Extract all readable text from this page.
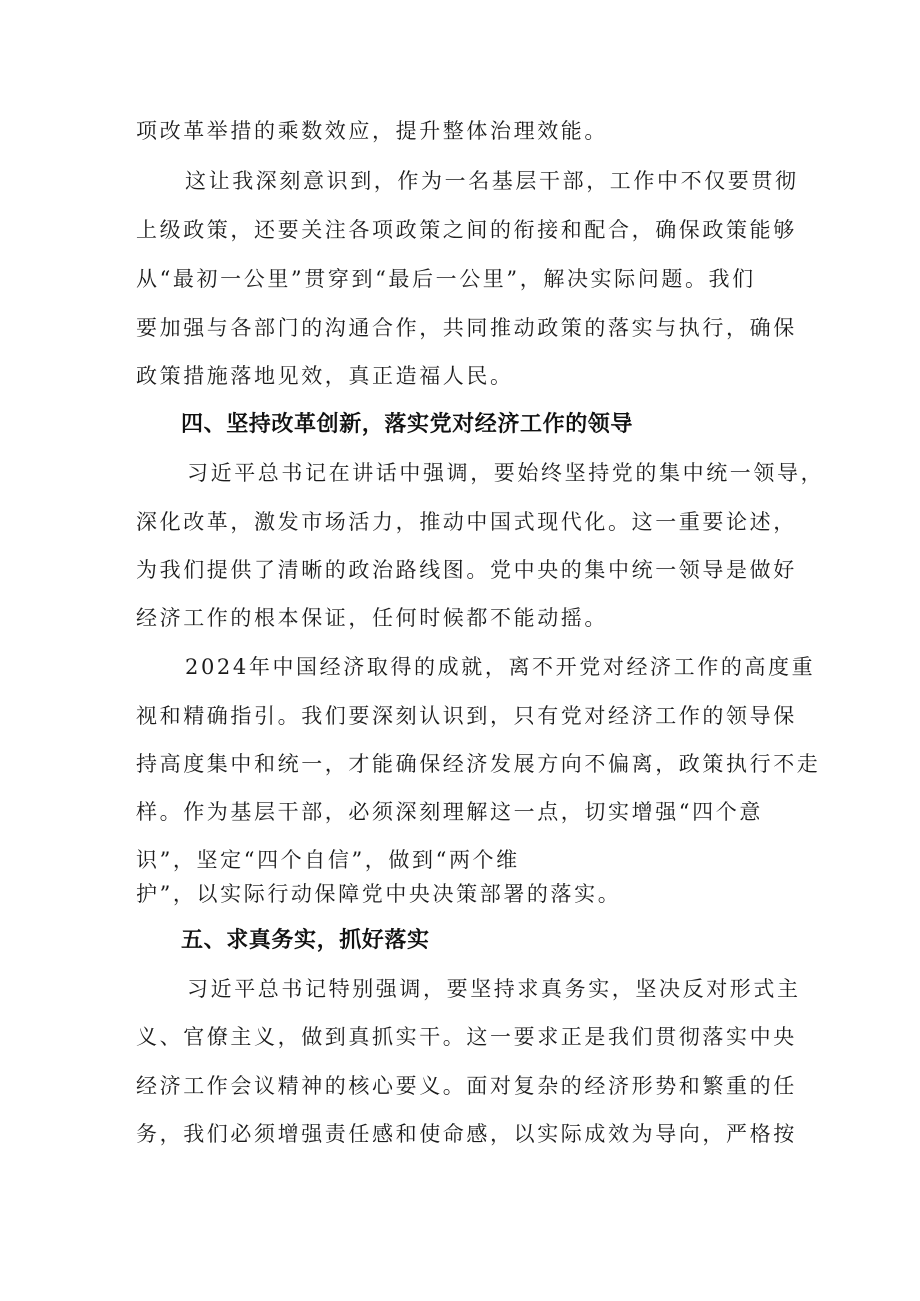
项改革举措的乘数效应，提升整体治理效能。
这让我深刻意识到，作为一名基层干部，工作中不仅要贯彻
上级政策，还要关注各项政策之间的衔接和配合，确保政策能够
从“最初一公里”贯穿到“最后一公里”，解决实际问题。我们
要加强与各部门的沟通合作，共同推动政策的落实与执行，确保
政策措施落地见效，真正造福人民。
四、坚持改革创新，落实党对经济工作的领导
习近平总书记在讲话中强调，要始终坚持党的集中统一领导，
深化改革，激发市场活力，推动中国式现代化。这一重要论述，
为我们提供了清晰的政治路线图。党中央的集中统一领导是做好
经济工作的根本保证，任何时候都不能动摇。
2024年中国经济取得的成就，离不开党对经济工作的高度重
视和精确指引。我们要深刻认识到，只有党对经济工作的领导保
持高度集中和统一，才能确保经济发展方向不偏离，政策执行不走
样。作为基层干部，必须深刻理解这一点，切实增强“四个意
识”，坚定“四个自信”，做到“两个维
护”，以实际行动保障党中央决策部署的落实。
五、求真务实，抓好落实
习近平总书记特别强调，要坚持求真务实，坚决反对形式主
义、官僚主义，做到真抓实干。这一要求正是我们贯彻落实中央
经济工作会议精神的核心要义。面对复杂的经济形势和繁重的任
务，我们必须增强责任感和使命感，以实际成效为导向，严格按
